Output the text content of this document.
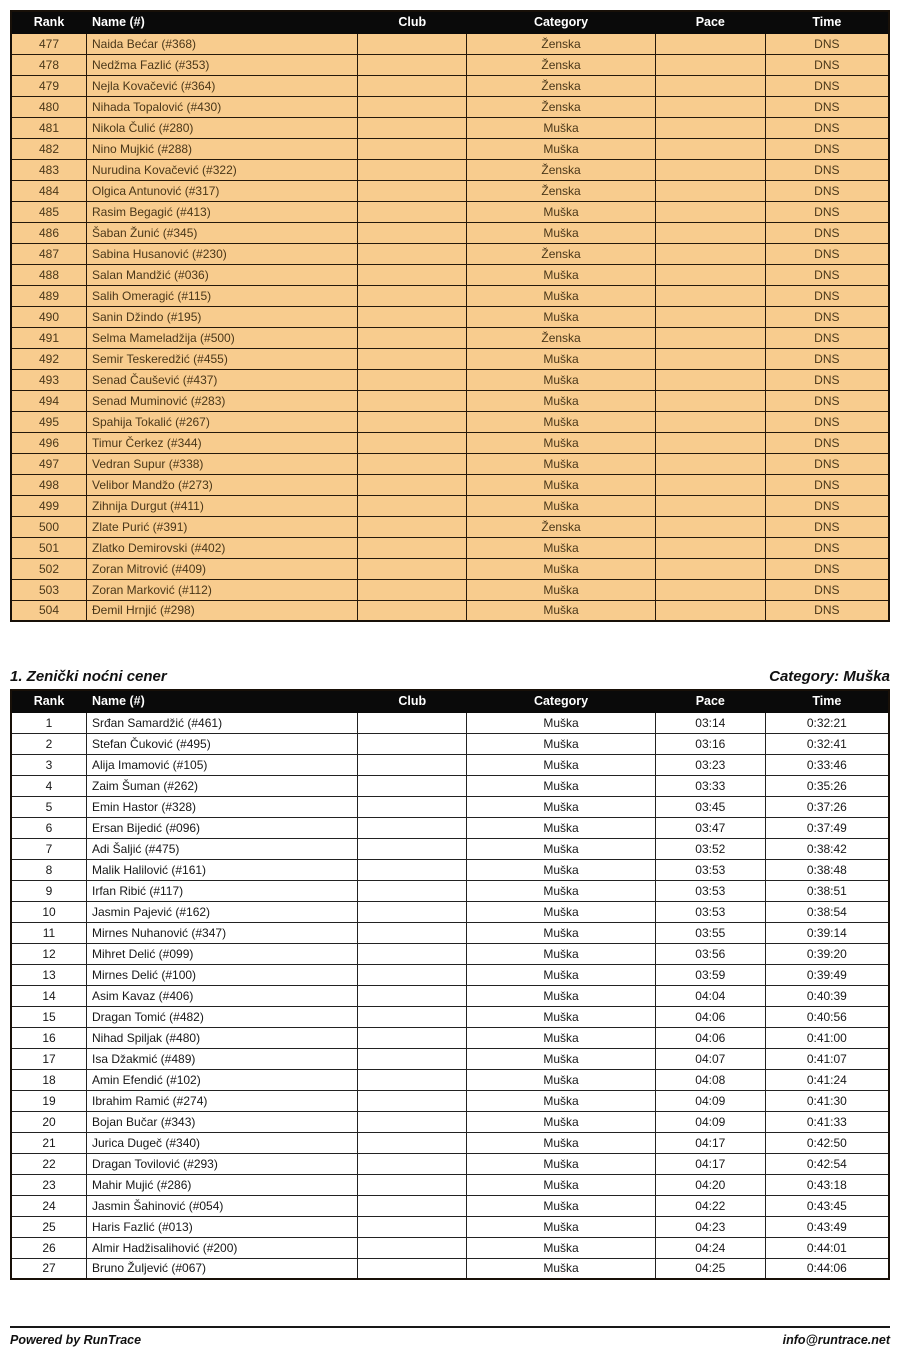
Rank	Name (#)	Club	Category	Pace	Time
477	Naida Bećar (#368)		Ženska		DNS
478	Nedžma Fazlić (#353)		Ženska		DNS
479	Nejla Kovačević (#364)		Ženska		DNS
480	Nihada Topalović (#430)		Ženska		DNS
481	Nikola Čulić (#280)		Muška		DNS
482	Nino Mujkić (#288)		Muška		DNS
483	Nurudina Kovačević (#322)		Ženska		DNS
484	Olgica Antunović (#317)		Ženska		DNS
485	Rasim Begagić (#413)		Muška		DNS
486	Šaban Žunić (#345)		Muška		DNS
487	Sabina Husanović (#230)		Ženska		DNS
488	Salan Mandžić (#036)		Muška		DNS
489	Salih Omeragić (#115)		Muška		DNS
490	Sanin Džindo (#195)		Muška		DNS
491	Selma Mameladžija (#500)		Ženska		DNS
492	Semir Teskeredžić (#455)		Muška		DNS
493	Senad Čaušević (#437)		Muška		DNS
494	Senad Muminović (#283)		Muška		DNS
495	Spahija Tokalić (#267)		Muška		DNS
496	Timur Čerkez (#344)		Muška		DNS
497	Vedran Supur (#338)		Muška		DNS
498	Velibor Mandžo (#273)		Muška		DNS
499	Zihnija Durgut (#411)		Muška		DNS
500	Zlate Purić (#391)		Ženska		DNS
501	Zlatko Demirovski (#402)		Muška		DNS
502	Zoran Mitrović (#409)		Muška		DNS
503	Zoran Marković (#112)		Muška		DNS
504	Đemil Hrnjić (#298)		Muška		DNS
1. Zenički noćni cener	Category: Muška
Rank	Name (#)	Club	Category	Pace	Time
1	Srđan Samardžić (#461)		Muška	03:14	0:32:21
2	Stefan Čuković (#495)		Muška	03:16	0:32:41
3	Alija Imamović (#105)		Muška	03:23	0:33:46
4	Zaim Šuman (#262)		Muška	03:33	0:35:26
5	Emin Hastor (#328)		Muška	03:45	0:37:26
6	Ersan Bijedić (#096)		Muška	03:47	0:37:49
7	Adi Šaljić (#475)		Muška	03:52	0:38:42
8	Malik Halilović (#161)		Muška	03:53	0:38:48
9	Irfan Ribić (#117)		Muška	03:53	0:38:51
10	Jasmin Pajević (#162)		Muška	03:53	0:38:54
11	Mirnes Nuhanović (#347)		Muška	03:55	0:39:14
12	Mihret Delić (#099)		Muška	03:56	0:39:20
13	Mirnes Delić (#100)		Muška	03:59	0:39:49
14	Asim Kavaz (#406)		Muška	04:04	0:40:39
15	Dragan Tomić (#482)		Muška	04:06	0:40:56
16	Nihad Spiljak (#480)		Muška	04:06	0:41:00
17	Isa Džakmić (#489)		Muška	04:07	0:41:07
18	Amin Efendić (#102)		Muška	04:08	0:41:24
19	Ibrahim Ramić (#274)		Muška	04:09	0:41:30
20	Bojan Bučar (#343)		Muška	04:09	0:41:33
21	Jurica Dugeč (#340)		Muška	04:17	0:42:50
22	Dragan Tovilović (#293)		Muška	04:17	0:42:54
23	Mahir Mujić (#286)		Muška	04:20	0:43:18
24	Jasmin Šahinović (#054)		Muška	04:22	0:43:45
25	Haris Fazlić (#013)		Muška	04:23	0:43:49
26	Almir Hadžisalihović (#200)		Muška	04:24	0:44:01
27	Bruno Žuljević (#067)		Muška	04:25	0:44:06
Powered by RunTrace	info@runtrace.net
